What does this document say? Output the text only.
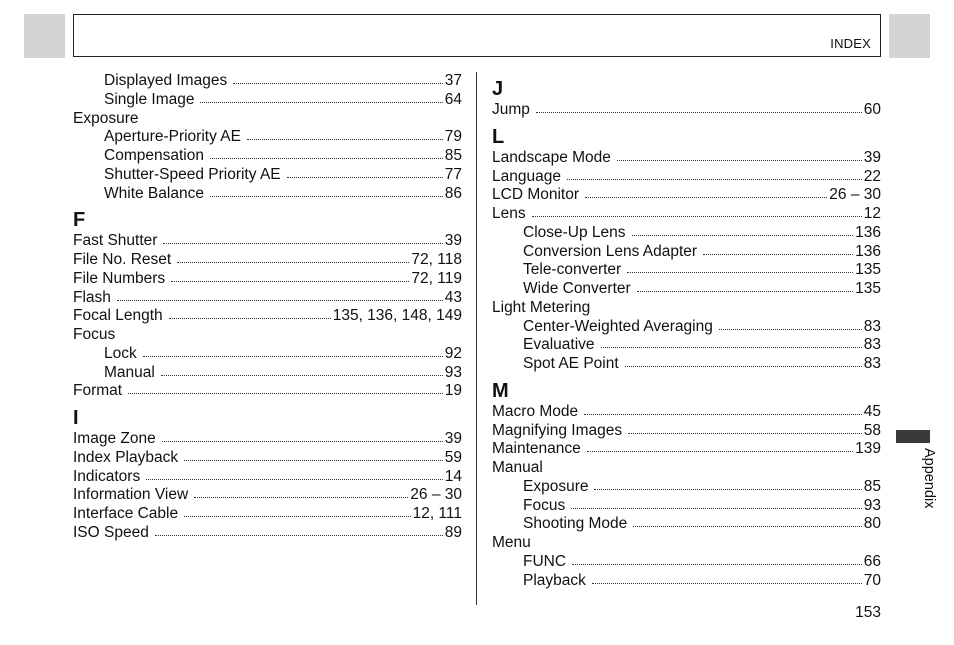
INDEX
Displayed Images	37
Single Image	64
Exposure
Aperture-Priority AE	79
Compensation	85
Shutter-Speed Priority AE	77
White Balance	86
F
Fast Shutter	39
File No. Reset	72, 118
File Numbers	72, 119
Flash	43
Focal Length	135, 136, 148, 149
Focus
Lock	92
Manual	93
Format	19
I
Image Zone	39
Index Playback	59
Indicators	14
Information View	26 – 30
Interface Cable	12, 111
ISO Speed	89
J
Jump	60
L
Landscape Mode	39
Language	22
LCD Monitor	26 – 30
Lens	12
Close-Up Lens	136
Conversion Lens Adapter	136
Tele-converter	135
Wide Converter	135
Light Metering
Center-Weighted Averaging	83
Evaluative	83
Spot AE Point	83
M
Macro Mode	45
Magnifying Images	58
Maintenance	139
Manual
Exposure	85
Focus	93
Shooting Mode	80
Menu
FUNC	66
Playback	70
Appendix
153
